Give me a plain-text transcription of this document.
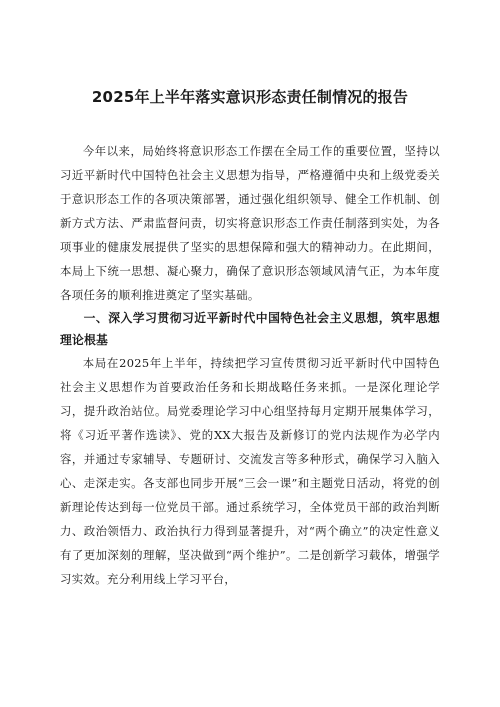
2025年上半年落实意识形态责任制情况的报告

今年以来，局始终将意识形态工作摆在全局工作的重要位置，坚持以习近平新时代中国特色社会主义思想为指导，严格遵循中央和上级党委关于意识形态工作的各项决策部署，通过强化组织领导、健全工作机制、创新方式方法、严肃监督问责，切实将意识形态工作责任制落到实处，为各项事业的健康发展提供了坚实的思想保障和强大的精神动力。在此期间，本局上下统一思想、凝心聚力，确保了意识形态领域风清气正，为本年度各项任务的顺利推进奠定了坚实基础。

一、深入学习贯彻习近平新时代中国特色社会主义思想，筑牢思想理论根基

本局在2025年上半年，持续把学习宣传贯彻习近平新时代中国特色社会主义思想作为首要政治任务和长期战略任务来抓。一是深化理论学习，提升政治站位。局党委理论学习中心组坚持每月定期开展集体学习，将《习近平著作选读》、党的XX大报告及新修订的党内法规作为必学内容，并通过专家辅导、专题研讨、交流发言等多种形式，确保学习入脑入心、走深走实。各支部也同步开展“三会一课”和主题党日活动，将党的创新理论传达到每一位党员干部。通过系统学习，全体党员干部的政治判断力、政治领悟力、政治执行力得到显著提升，对“两个确立”的决定性意义有了更加深刻的理解，坚决做到“两个维护”。二是创新学习载体，增强学习实效。充分利用线上学习平台，
